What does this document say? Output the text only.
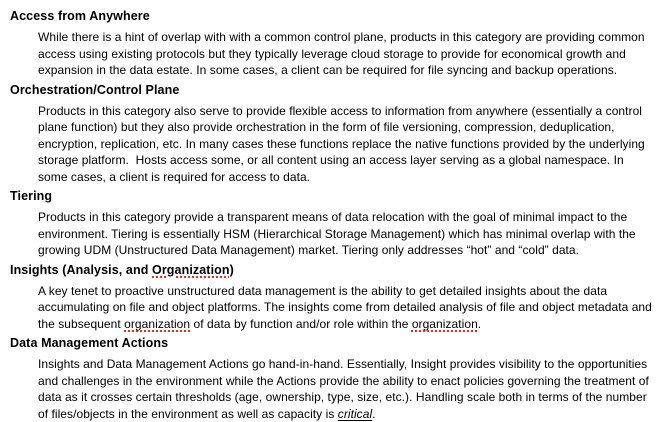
Access from Anywhere

While there is a hint of overlap with with a common control plane, products in this category are providing common access using existing protocols but they typically leverage cloud storage to provide for economical growth and expansion in the data estate. In some cases, a client can be required for file syncing and backup operations.

Orchestration/Control Plane

Products in this category also serve to provide flexible access to information from anywhere (essentially a control plane function) but they also provide orchestration in the form of file versioning, compression, deduplication, encryption, replication, etc. In many cases these functions replace the native functions provided by the underlying storage platform.  Hosts access some, or all content using an access layer serving as a global namespace. In some cases, a client is required for access to data.

Tiering

Products in this category provide a transparent means of data relocation with the goal of minimal impact to the environment. Tiering is essentially HSM (Hierarchical Storage Management) which has minimal overlap with the growing UDM (Unstructured Data Management) market. Tiering only addresses “hot” and “cold” data.

Insights (Analysis, and Organization)

A key tenet to proactive unstructured data management is the ability to get detailed insights about the data accumulating on file and object platforms. The insights come from detailed analysis of file and object metadata and the subsequent organization of data by function and/or role within the organization.

Data Management Actions

Insights and Data Management Actions go hand-in-hand. Essentially, Insight provides visibility to the opportunities and challenges in the environment while the Actions provide the ability to enact policies governing the treatment of data as it crosses certain thresholds (age, ownership, type, size, etc.). Handling scale both in terms of the number of files/objects in the environment as well as capacity is critical.
